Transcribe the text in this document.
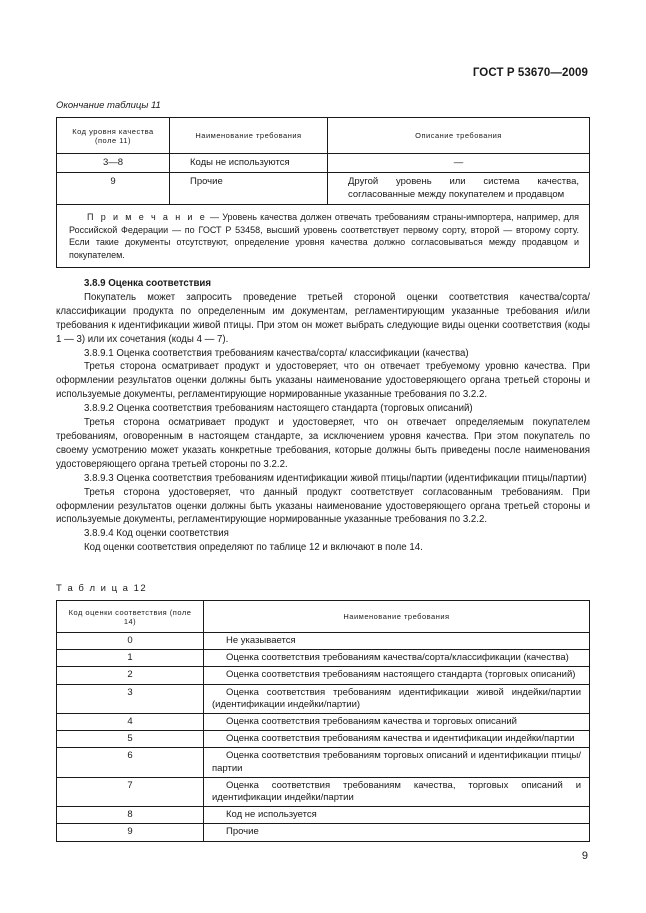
ГОСТ Р 53670—2009
Окончание таблицы 11
Код уровня качества (поле 11)	Наименование требования	Описание требования
3—8	Коды не используются	—
9	Прочие	Другой уровень или система качества, согласованные между покупателем и продавцом
П р и м е ч а н и е — Уровень качества должен отвечать требованиям страны-импортера, например, для Российской Федерации — по ГОСТ Р 53458, высший уровень соответствует первому сорту, второй — второму сорту. Если такие документы отсутствуют, определение уровня качества должно согласовываться между продавцом и покупателем.		

3.8.9 Оценка соответствия

Покупатель может запросить проведение третьей стороной оценки соответствия качества/сорта/классификации продукта по определенным им документам, регламентирующим указанные требования и/или требования к идентификации живой птицы. При этом он может выбрать следующие виды оценки соответствия (коды 1 — 3) или их сочетания (коды 4 — 7).

3.8.9.1 Оценка соответствия требованиям качества/сорта/ классификации (качества)

Третья сторона осматривает продукт и удостоверяет, что он отвечает требуемому уровню качества. При оформлении результатов оценки должны быть указаны наименование удостоверяющего органа третьей стороны и используемые документы, регламентирующие нормированные указанные требования по 3.2.2.

3.8.9.2 Оценка соответствия требованиям настоящего стандарта (торговых описаний)

Третья сторона осматривает продукт и удостоверяет, что он отвечает определяемым покупателем требованиям, оговоренным в настоящем стандарте, за исключением уровня качества. При этом покупатель по своему усмотрению может указать конкретные требования, которые должны быть приведены после наименования удостоверяющего органа третьей стороны по 3.2.2.

3.8.9.3 Оценка соответствия требованиям идентификации живой птицы/партии (идентификации птицы/партии)

Третья сторона удостоверяет, что данный продукт соответствует согласованным требованиям. При оформлении результатов оценки должны быть указаны наименование удостоверяющего органа третьей стороны и используемые документы, регламентирующие нормированные указанные требования по 3.2.2.

3.8.9.4 Код оценки соответствия

Код оценки соответствия определяют по таблице 12 и включают в поле 14.

Т а б л и ц а 12
Код оценки соответствия (поле 14)	Наименование требования
0	Не указывается

1	Оценка соответствия требованиям качества/сорта/классификации (качества)

2	Оценка соответствия требованиям настоящего стандарта (торговых описаний)

3	Оценка соответствия требованиям идентификации живой индейки/партии (идентификации индейки/партии)

4	Оценка соответствия требованиям качества и торговых описаний

5	Оценка соответствия требованиям качества и идентификации индейки/партии

6	Оценка соответствия требованиям торговых описаний и идентификации птицы/партии

7	Оценка соответствия требованиям качества, торговых описаний и идентификации индейки/партии

8	Код не используется

9	Прочие
9
